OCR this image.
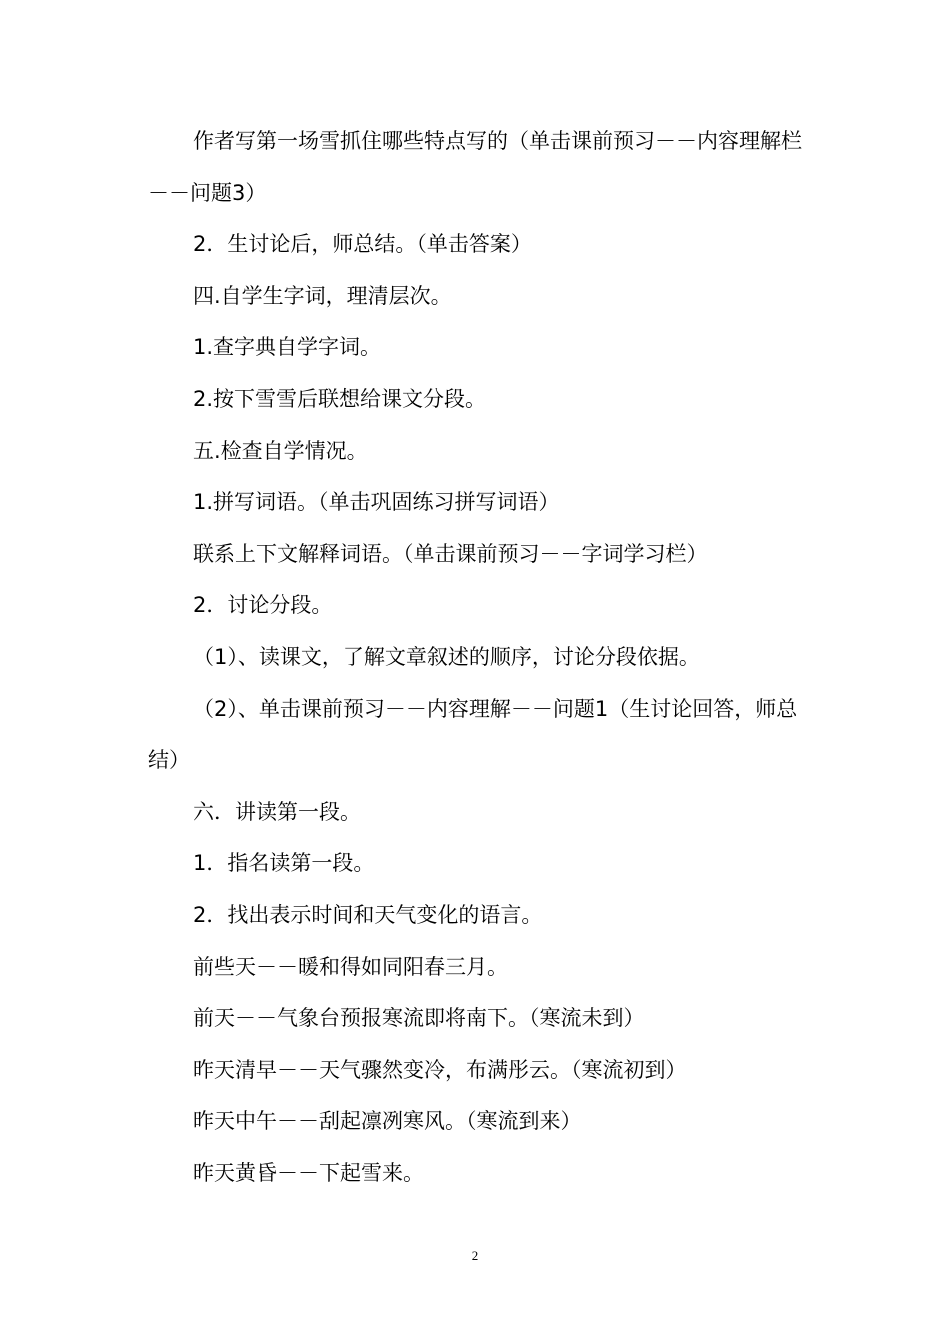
作者写第一场雪抓住哪些特点写的（单击课前预习－－内容理解栏－－问题3）

2．生讨论后，师总结。（单击答案）

四.自学生字词，理清层次。

1.查字典自学字词。

2.按下雪雪后联想给课文分段。

五.检查自学情况。

1.拼写词语。（单击巩固练习拼写词语）

联系上下文解释词语。（单击课前预习－－字词学习栏）

2．讨论分段。

（1）、读课文，了解文章叙述的顺序，讨论分段依据。

（2）、单击课前预习－－内容理解－－问题1（生讨论回答，师总结）

六．讲读第一段。

1．指名读第一段。

2．找出表示时间和天气变化的语言。

前些天－－暖和得如同阳春三月。

前天－－气象台预报寒流即将南下。（寒流未到）

昨天清早－－天气骤然变冷，布满彤云。（寒流初到）

昨天中午－－刮起凛冽寒风。（寒流到来）

昨天黄昏－－下起雪来。

2
